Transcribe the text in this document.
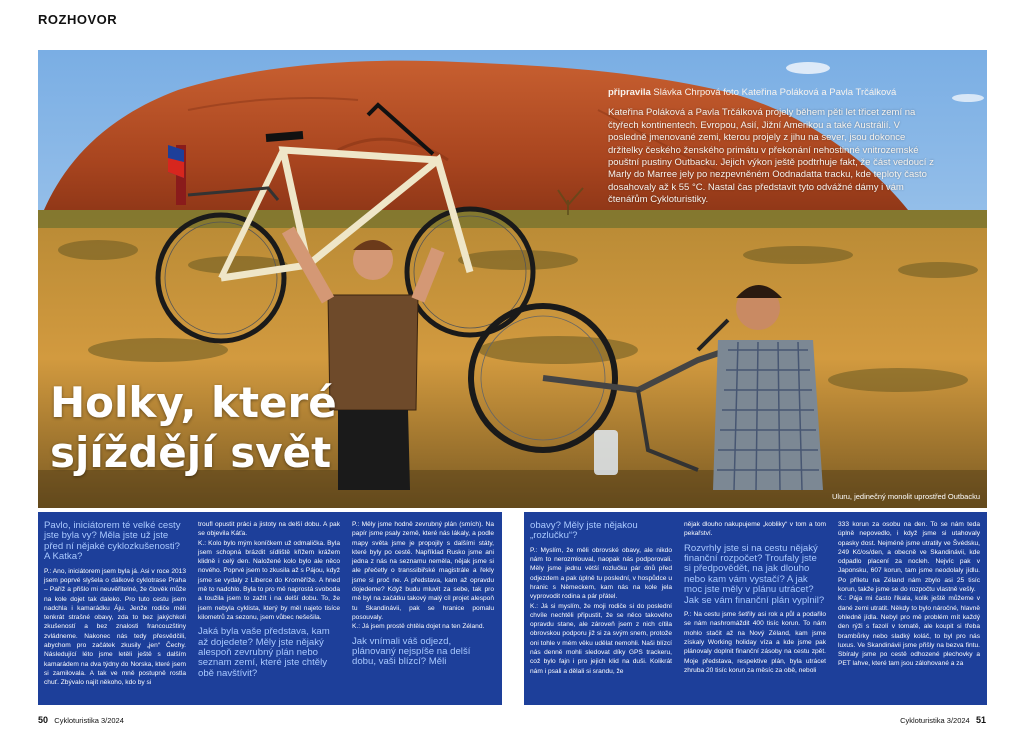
ROZHOVOR

připravila Slávka Chrpová foto Kateřina Poláková a Pavla Trčálková

Kateřina Poláková a Pavla Trčálková projely během pěti let třicet zemí na čtyřech kontinentech. Evropou, Asií, Jižní Amerikou a také Austrálií. V posledně jmenované zemi, kterou projely z jihu na sever, jsou dokonce držitelky českého ženského primátu v překonání nehostinné vnitrozemské pouštní pustiny Outbacku. Jejich výkon ještě podtrhuje fakt, že část vedoucí z Marly do Marree jely po nezpevněném Oodnadatta tracku, kde teploty často dosahovaly až k 55 °C. Nastal čas představit tyto odvážné dámy i vám čtenářům Cykloturistiky.

Holky, které
sjíždějí svět
Uluru, jedinečný monolit uprostřed Outbacku

Pavlo, iniciátorem té velké cesty jste byla vy? Měla jste už jste před ní nějaké cyklozkušenosti? A Katka?

P.: Ano, iniciátorem jsem byla já. Asi v roce 2013 jsem poprvé slyšela o dálkové cyklotrase Praha – Paříž a přišlo mi neuvěřitelné, že člověk může na kole dojet tak daleko. Pro tuto cestu jsem nadchla i kamarádku Áju. Jenže rodiče měli tenkrát strašné obavy, zda to bez jakýchkoli zkušeností a bez znalosti francouzštiny zvládneme. Nakonec nás tedy přesvědčili, abychom pro začátek zkusily „jen“ Čechy. Následující léto jsme letěli ještě s dalším kamarádem na dva týdny do Norska, které jsem si zamilovala. A tak ve mně postupně rostla chuť. Zbývalo najít někoho, kdo by si

troufl opustit práci a jistoty na delší dobu. A pak se objevila Káťa.

K.: Kolo bylo mým koníčkem už odmalička. Byla jsem schopná brázdit sídliště křížem krážem klidně i celý den. Naložené kolo bylo ale něco nového. Poprvé jsem to zkusila až s Pájou, když jsme se vydaly z Liberce do Kroměříže. A hned mě to nadchlo. Byla to pro mě naprostá svoboda a toužila jsem to zažít i na delší dobu. To, že jsem nebyla cyklista, který by měl najeto tisíce kilometrů za sezonu, jsem vůbec nešešila.

Jaká byla vaše představa, kam až dojedete? Měly jste nějaký alespoň zevrubný plán nebo seznam zemí, které jste chtěly obě navštívit?

P.: Měly jsme hodně zevrubný plán (smích). Na papír jsme psaly země, které nás lákaly, a podle mapy světa jsme je propojily s dalšími státy, které byly po cestě. Například Rusko jsme ani jedna z nás na seznamu neměla, nějak jsme si ale přečetly o transsibiřské magistrále a řekly jsme si proč ne. A představa, kam až opravdu dojedeme? Když budu mluvit za sebe, tak pro mě byl na začátku takový malý cíl projet alespoň tu Skandinávii, pak se hranice pomalu posouvaly.

K.: Já jsem prostě chtěla dojet na ten Zéland.

Jak vnímali váš odjezd, plánovaný nejspíše na delší dobu, vaši blízcí? Měli

obavy? Měly jste nějakou „rozlučku“?

P.: Myslím, že měli obrovské obavy, ale nikdo nám to nerozmlouval, naopak nás podporovali. Měly jsme jednu větší rozlučku pár dnů před odjezdem a pak úplně tu poslední, v hospůdce u hranic s Německem, kam nás na kole jela vyprovodit rodina a pár přátel.

K.: Já si myslím, že moji rodiče si do poslední chvíle nechtěli připustit, že se něco takového opravdu stane, ale zároveň jsem z nich cítila obrovskou podporu již si za svým snem, protože oni tohle v mém věku udělat nemohli. Naši blízcí nás denně mohli sledovat díky GPS trackeru, což bylo fajn i pro jejich klid na duši. Kolikrát nám i psali a dělali si srandu, že

nějak dlouho nakupujeme „kobliky“ v tom a tom pekařství.

Rozvrhly jste si na cestu nějaký finanční rozpočet? Troufaly jste si předpovědět, na jak dlouho nebo kam vám vystačí? A jak moc jste měly v plánu utrácet? Jak se vám finanční plán vyplnil?

P.: Na cestu jsme šetřily asi rok a půl a podařilo se nám nashromáždit 400 tisíc korun. To nám mohlo stačit až na Nový Zéland, kam jsme získaly Working holiday víza a kde jsme pak plánovaly doplnit finanční zásoby na cestu zpět. Moje představa, respektive plán, byla utrácet zhruba 20 tisíc korun za měsíc za obě, neboli

333 korun za osobu na den. To se nám teda úplně nepovedlo, i když jsme si utahovaly opasky dost. Nejméně jsme utratily ve Švédsku, 249 Kč/os/den, a obecně ve Skandinávii, kde odpadlo placení za nocleh. Nejvíc pak v Japonsku, 607 korun, tam jsme neodolaly jídlu. Po příletu na Zéland nám zbylo asi 25 tisíc korun, takže jsme se do rozpočtu vlastně vešly.

K.: Pája mi často říkala, kolik ještě můžeme v dané zemi utratit. Někdy to bylo náročné, hlavně ohledně jídla. Nebyl pro mě problém mít každý den rýži s fazolí v tomatě, ale koupit si třeba brambůrky nebo sladký koláč, to byl pro nás luxus. Ve Skandinávii jsme přišly na bezva fintu. Sbíraly jsme po cestě odhozené plechovky a PET lahve, které tam jsou zálohované a za

50 Cykloturistika 3/2024	Cykloturistika 3/2024 51
